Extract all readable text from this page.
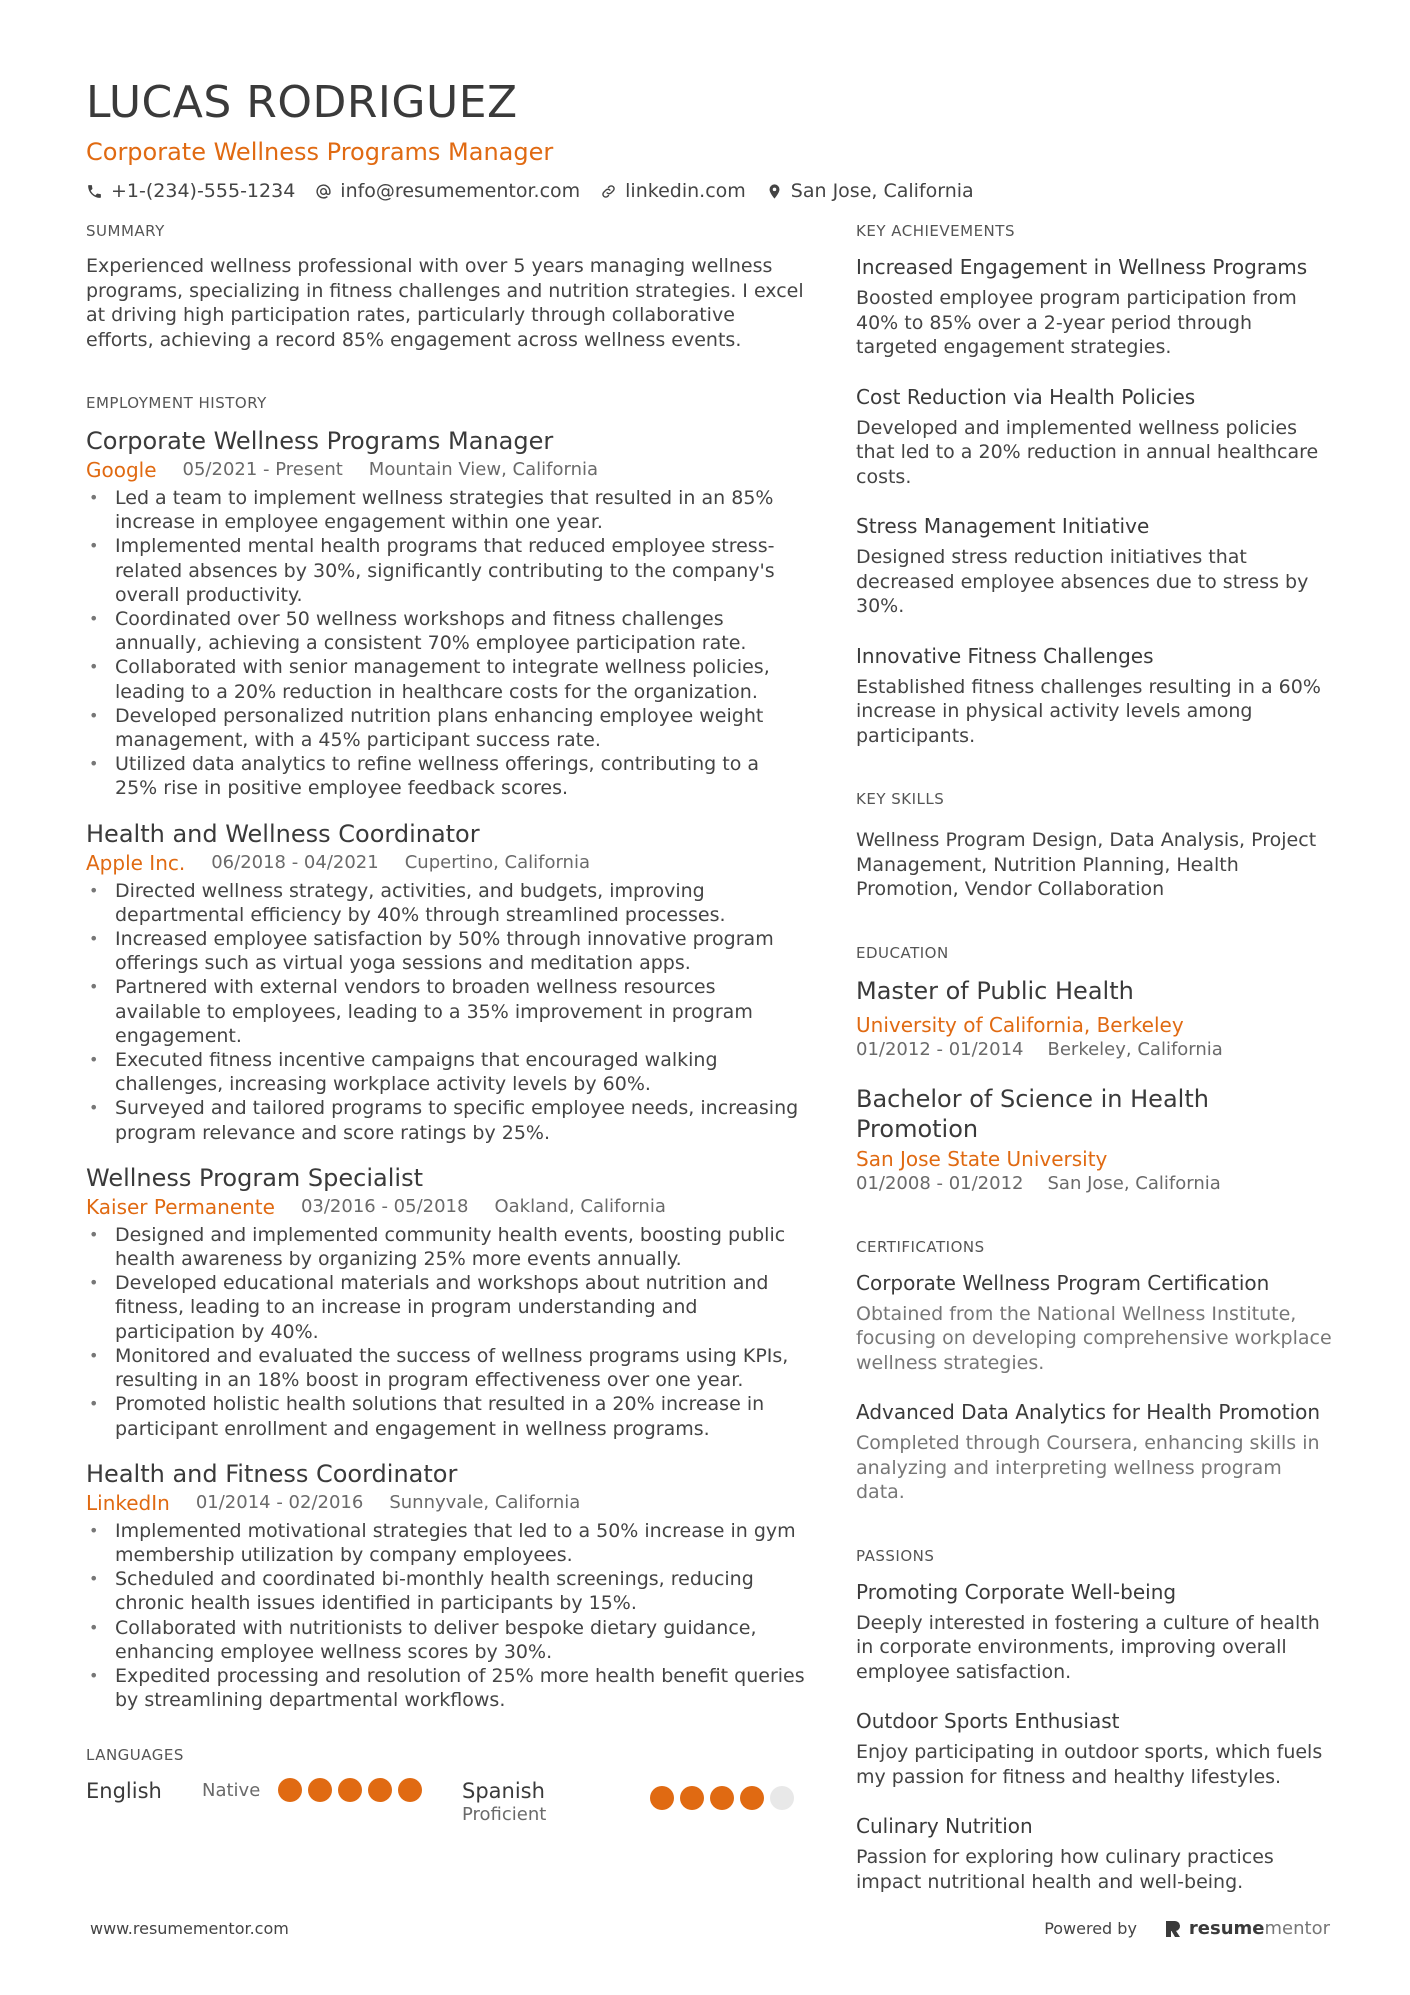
LUCAS RODRIGUEZ
Corporate Wellness Programs Manager
+1-(234)-555-1234 info@resumementor.com linkedin.com San Jose, California
SUMMARY

Experienced wellness professional with over 5 years managing wellness programs, specializing in fitness challenges and nutrition strategies. I excel at driving high participation rates, particularly through collaborative efforts, achieving a record 85% engagement across wellness events.

EMPLOYMENT HISTORY
Corporate Wellness Programs Manager
Google 05/2021 - Present Mountain View, California
• Led a team to implement wellness strategies that resulted in an 85% increase in employee engagement within one year.
• Implemented mental health programs that reduced employee stress-related absences by 30%, significantly contributing to the company's overall productivity.
• Coordinated over 50 wellness workshops and fitness challenges annually, achieving a consistent 70% employee participation rate.
• Collaborated with senior management to integrate wellness policies, leading to a 20% reduction in healthcare costs for the organization.
• Developed personalized nutrition plans enhancing employee weight management, with a 45% participant success rate.
• Utilized data analytics to refine wellness offerings, contributing to a 25% rise in positive employee feedback scores.
Health and Wellness Coordinator
Apple Inc. 06/2018 - 04/2021 Cupertino, California
• Directed wellness strategy, activities, and budgets, improving departmental efficiency by 40% through streamlined processes.
• Increased employee satisfaction by 50% through innovative program offerings such as virtual yoga sessions and meditation apps.
• Partnered with external vendors to broaden wellness resources available to employees, leading to a 35% improvement in program engagement.
• Executed fitness incentive campaigns that encouraged walking challenges, increasing workplace activity levels by 60%.
• Surveyed and tailored programs to specific employee needs, increasing program relevance and score ratings by 25%.
Wellness Program Specialist
Kaiser Permanente 03/2016 - 05/2018 Oakland, California
• Designed and implemented community health events, boosting public health awareness by organizing 25% more events annually.
• Developed educational materials and workshops about nutrition and fitness, leading to an increase in program understanding and participation by 40%.
• Monitored and evaluated the success of wellness programs using KPIs, resulting in an 18% boost in program effectiveness over one year.
• Promoted holistic health solutions that resulted in a 20% increase in participant enrollment and engagement in wellness programs.
Health and Fitness Coordinator
LinkedIn 01/2014 - 02/2016 Sunnyvale, California
• Implemented motivational strategies that led to a 50% increase in gym membership utilization by company employees.
• Scheduled and coordinated bi-monthly health screenings, reducing chronic health issues identified in participants by 15%.
• Collaborated with nutritionists to deliver bespoke dietary guidance, enhancing employee wellness scores by 30%.
• Expedited processing and resolution of 25% more health benefit queries by streamlining departmental workflows.
LANGUAGES
English	Native	Spanish
Proficient
KEY ACHIEVEMENTS
Increased Engagement in Wellness Programs
Boosted employee program participation from 40% to 85% over a 2-year period through targeted engagement strategies.
Cost Reduction via Health Policies
Developed and implemented wellness policies that led to a 20% reduction in annual healthcare costs.
Stress Management Initiative
Designed stress reduction initiatives that decreased employee absences due to stress by 30%.
Innovative Fitness Challenges
Established fitness challenges resulting in a 60% increase in physical activity levels among participants.
KEY SKILLS
Wellness Program Design, Data Analysis, Project Management, Nutrition Planning, Health Promotion, Vendor Collaboration
EDUCATION
Master of Public Health
University of California, Berkeley
01/2012 - 01/2014 Berkeley, California
Bachelor of Science in Health Promotion
San Jose State University
01/2008 - 01/2012 San Jose, California
CERTIFICATIONS
Corporate Wellness Program Certification
Obtained from the National Wellness Institute, focusing on developing comprehensive workplace wellness strategies.
Advanced Data Analytics for Health Promotion
Completed through Coursera, enhancing skills in analyzing and interpreting wellness program data.
PASSIONS
Promoting Corporate Well-being
Deeply interested in fostering a culture of health in corporate environments, improving overall employee satisfaction.
Outdoor Sports Enthusiast
Enjoy participating in outdoor sports, which fuels my passion for fitness and healthy lifestyles.
Culinary Nutrition
Passion for exploring how culinary practices impact nutritional health and well-being.
www.resumementor.com	Powered by	resumementor
